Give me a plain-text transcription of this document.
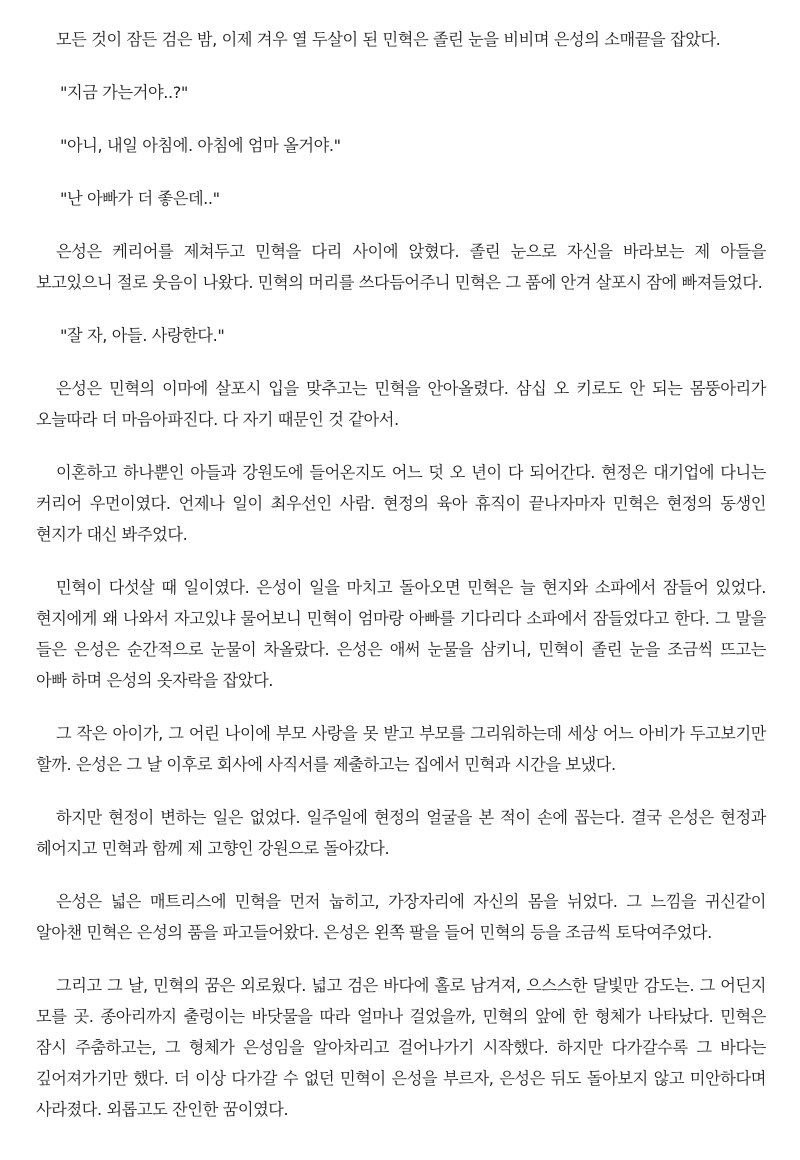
모든 것이 잠든 검은 밤, 이제 겨우 열 두살이 된 민혁은 졸린 눈을 비비며 은성의 소매끝을 잡았다.

"지금 가는거야..?"

"아니, 내일 아침에. 아침에 엄마 올거야."

"난 아빠가 더 좋은데.."

은성은 케리어를 제쳐두고 민혁을 다리 사이에 앉혔다. 졸린 눈으로 자신을 바라보는 제 아들을 보고있으니 절로 웃음이 나왔다. 민혁의 머리를 쓰다듬어주니 민혁은 그 품에 안겨 살포시 잠에 빠져들었다.

"잘 자, 아들. 사랑한다."

은성은 민혁의 이마에 살포시 입을 맞추고는 민혁을 안아올렸다. 삼십 오 키로도 안 되는 몸뚱아리가 오늘따라 더 마음아파진다. 다 자기 때문인 것 같아서.

이혼하고 하나뿐인 아들과 강원도에 들어온지도 어느 덧 오 년이 다 되어간다. 현정은 대기업에 다니는 커리어 우먼이였다. 언제나 일이 최우선인 사람. 현정의 육아 휴직이 끝나자마자 민혁은 현정의 동생인 현지가 대신 봐주었다.

민혁이 다섯살 때 일이였다. 은성이 일을 마치고 돌아오면 민혁은 늘 현지와 소파에서 잠들어 있었다. 현지에게 왜 나와서 자고있냐 물어보니 민혁이 엄마랑 아빠를 기다리다 소파에서 잠들었다고 한다. 그 말을 들은 은성은 순간적으로 눈물이 차올랐다. 은성은 애써 눈물을 삼키니, 민혁이 졸린 눈을 조금씩 뜨고는 아빠 하며 은성의 옷자락을 잡았다.

그 작은 아이가, 그 어린 나이에 부모 사랑을 못 받고 부모를 그리워하는데 세상 어느 아비가 두고보기만 할까. 은성은 그 날 이후로 회사에 사직서를 제출하고는 집에서 민혁과 시간을 보냈다.

하지만 현정이 변하는 일은 없었다. 일주일에 현정의 얼굴을 본 적이 손에 꼽는다. 결국 은성은 현정과 헤어지고 민혁과 함께 제 고향인 강원으로 돌아갔다.

은성은 넓은 매트리스에 민혁을 먼저 눕히고, 가장자리에 자신의 몸을 뉘었다. 그 느낌을 귀신같이 알아챈 민혁은 은성의 품을 파고들어왔다. 은성은 왼쪽 팔을 들어 민혁의 등을 조금씩 토닥여주었다.

그리고 그 날, 민혁의 꿈은 외로웠다. 넓고 검은 바다에 홀로 남겨져, 으스스한 달빛만 감도는. 그 어딘지 모를 곳. 종아리까지 출렁이는 바닷물을 따라 얼마나 걸었을까, 민혁의 앞에 한 형체가 나타났다. 민혁은 잠시 주춤하고는, 그 형체가 은성임을 알아차리고 걸어나가기 시작했다. 하지만 다가갈수록 그 바다는 깊어져가기만 했다. 더 이상 다가갈 수 없던 민혁이 은성을 부르자, 은성은 뒤도 돌아보지 않고 미안하다며 사라졌다. 외롭고도 잔인한 꿈이였다.
